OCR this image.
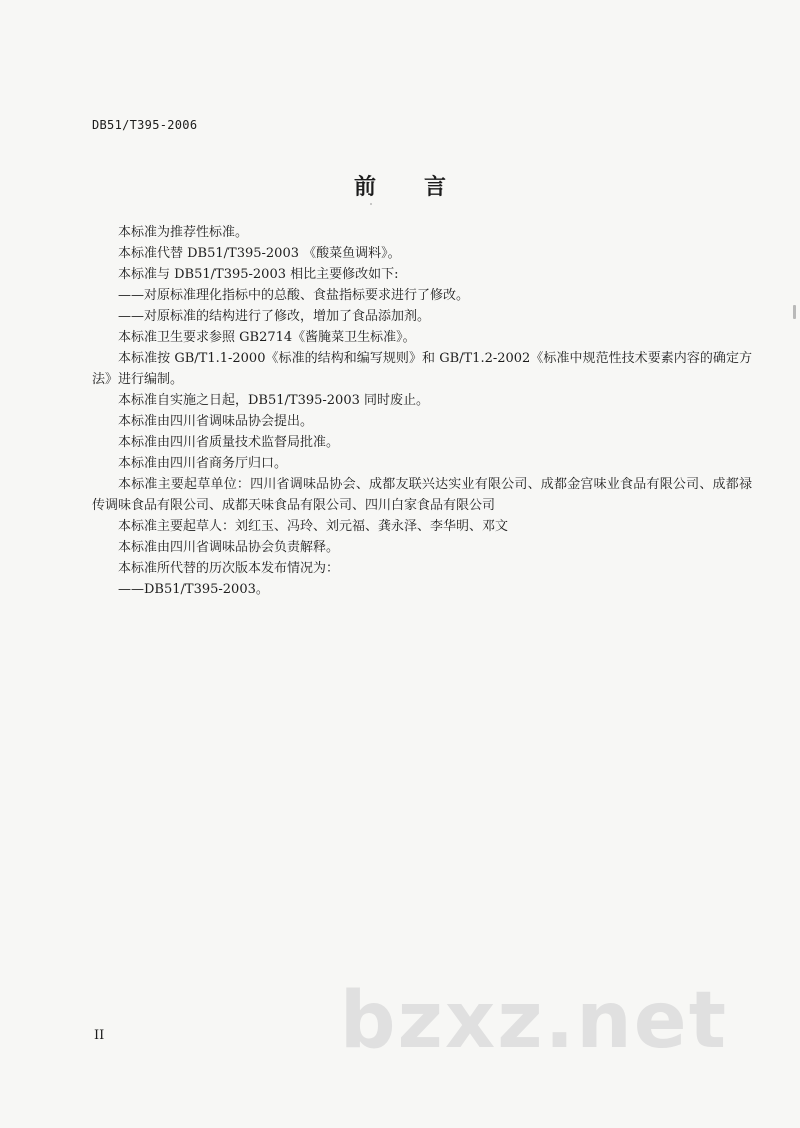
DB51/T395-2006
前言

本标准为推荐性标准。

本标准代替 DB51/T395-2003 《酸菜鱼调料》。

本标准与 DB51/T395-2003 相比主要修改如下:

——对原标准理化指标中的总酸、食盐指标要求进行了修改。

——对原标准的结构进行了修改，增加了食品添加剂。

本标准卫生要求参照 GB2714《酱腌菜卫生标准》。

本标准按 GB/T1.1-2000《标准的结构和编写规则》和 GB/T1.2-2002《标准中规范性技术要素内容的确定方法》进行编制。

本标准自实施之日起，DB51/T395-2003 同时废止。

本标准由四川省调味品协会提出。

本标准由四川省质量技术监督局批准。

本标准由四川省商务厅归口。

本标准主要起草单位：四川省调味品协会、成都友联兴达实业有限公司、成都金宫味业食品有限公司、成都禄传调味食品有限公司、成都天味食品有限公司、四川白家食品有限公司

本标准主要起草人：刘红玉、冯玲、刘元福、龚永泽、李华明、邓文

本标准由四川省调味品协会负责解释。

本标准所代替的历次版本发布情况为：

——DB51/T395-2003。

II	bzxz.net
